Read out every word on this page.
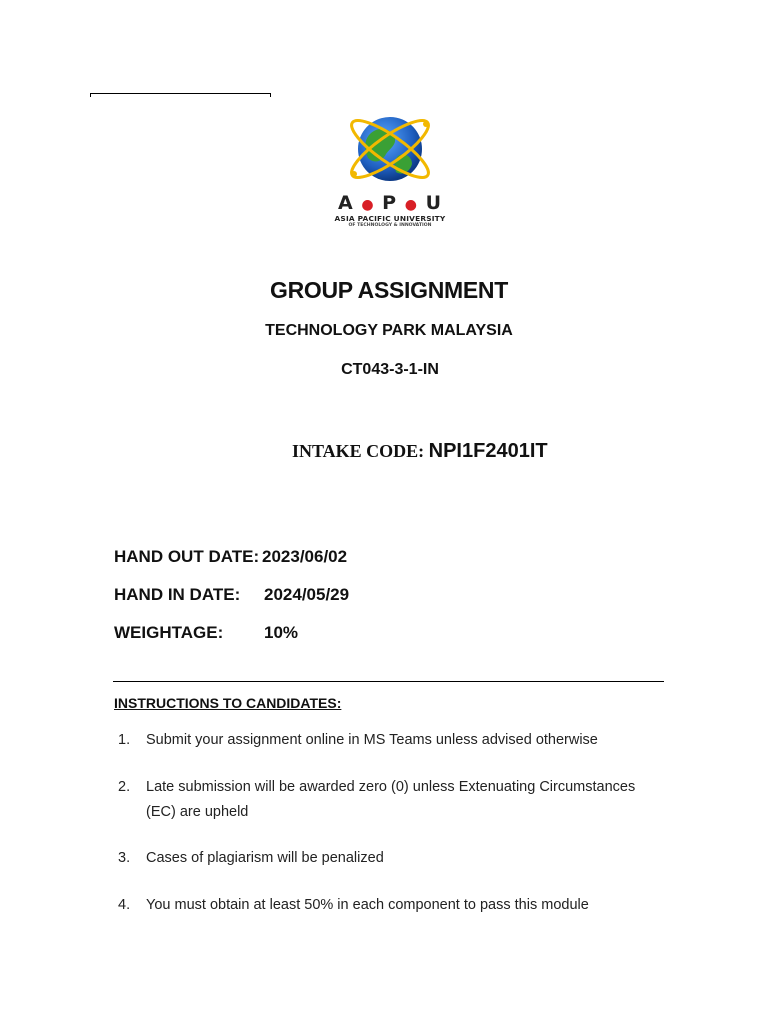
A ● P ● U
ASIA PACIFIC UNIVERSITY
OF TECHNOLOGY & INNOVATION
GROUP ASSIGNMENT
TECHNOLOGY PARK MALAYSIA
CT043-3-1-IN
INTAKE CODE: NPI1F2401IT
HAND OUT DATE: 2023/06/02
HAND IN DATE: 2024/05/29
WEIGHTAGE: 10%
INSTRUCTIONS TO CANDIDATES:
1. Submit your assignment online in MS Teams unless advised otherwise
2. Late submission will be awarded zero (0) unless Extenuating Circumstances (EC) are upheld
3. Cases of plagiarism will be penalized
4. You must obtain at least 50% in each component to pass this module
